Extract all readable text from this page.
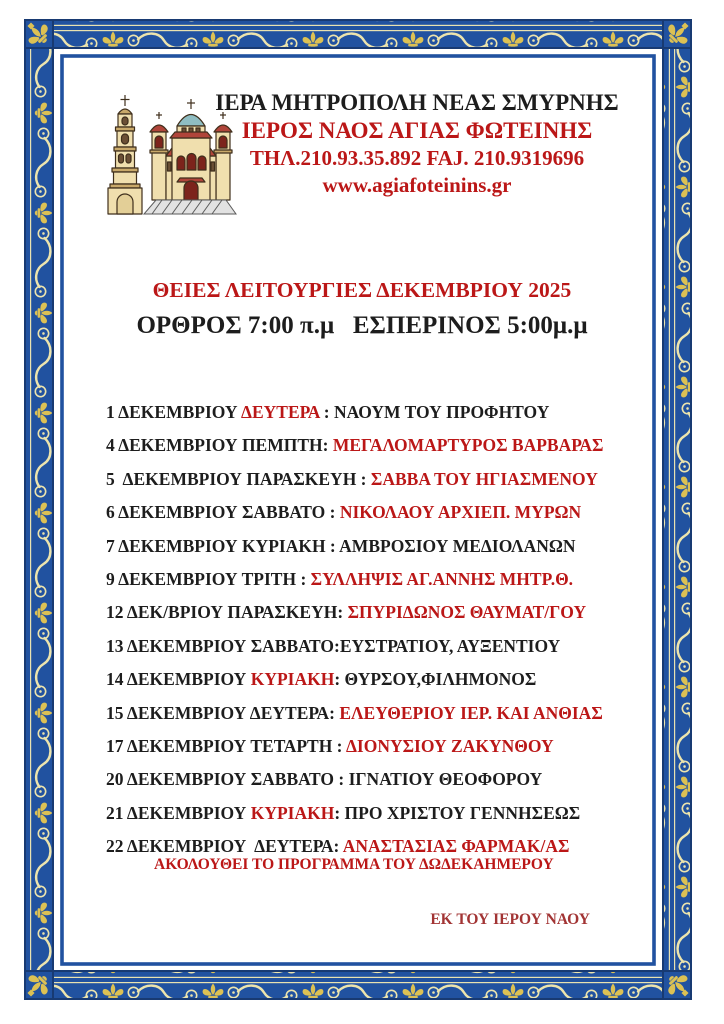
ΙΕΡΑ ΜΗΤΡΟΠΟΛΗ ΝΕΑΣ ΣΜΥΡΝΗΣ
ΙΕΡΟΣ ΝΑΟΣ ΑΓΙΑΣ ΦΩΤΕΙΝΗΣ
ΤΗΛ.210.93.35.892 FAJ. 210.9319696
www.agiafoteinins.gr
ΘΕΙΕΣ ΛΕΙΤΟΥΡΓΙΕΣ ΔΕΚΕΜΒΡΙΟΥ 2025
ΟΡΘΡΟΣ 7:00 π.μ   ΕΣΠΕΡΙΝΟΣ 5:00μ.μ
1 ΔΕΚΕΜΒΡΙΟΥ ΔΕΥΤΕΡΑ : ΝΑΟΥΜ ΤΟΥ ΠΡΟΦΗΤΟΥ
4 ΔΕΚΕΜΒΡΙΟΥ ΠΕΜΠΤΗ: ΜΕΓΑΛΟΜΑΡΤΥΡΟΣ ΒΑΡΒΑΡΑΣ
5  ΔΕΚΕΜΒΡΙΟΥ ΠΑΡΑΣΚΕΥΗ : ΣΑΒΒΑ ΤΟΥ ΗΓΙΑΣΜΕΝΟΥ
6 ΔΕΚΕΜΒΡΙΟΥ ΣΑΒΒΑΤΟ : ΝΙΚΟΛΑΟΥ ΑΡΧΙΕΠ. ΜΥΡΩΝ
7 ΔΕΚΕΜΒΡΙΟΥ ΚΥΡΙΑΚΗ : ΑΜΒΡΟΣΙΟΥ ΜΕΔΙΟΛΑΝΩΝ
9 ΔΕΚΕΜΒΡΙΟΥ ΤΡΙΤΗ : ΣΥΛΛΗΨΙΣ ΑΓ.ΑΝΝΗΣ ΜΗΤΡ.Θ.
12 ΔΕΚ/ΒΡΙΟΥ ΠΑΡΑΣΚΕΥΗ: ΣΠΥΡΙΔΩΝΟΣ ΘΑΥΜΑΤ/ΓΟΥ
13 ΔΕΚΕΜΒΡΙΟΥ ΣΑΒΒΑΤΟ:ΕΥΣΤΡΑΤΙΟΥ, ΑΥΞΕΝΤΙΟΥ
14 ΔΕΚΕΜΒΡΙΟΥ ΚΥΡΙΑΚΗ: ΘΥΡΣΟΥ,ΦΙΛΗΜΟΝΟΣ
15 ΔΕΚΕΜΒΡΙΟΥ ΔΕΥΤΕΡΑ: ΕΛΕΥΘΕΡΙΟΥ ΙΕΡ. ΚΑΙ ΑΝΘΙΑΣ
17 ΔΕΚΕΜΒΡΙΟΥ ΤΕΤΑΡΤΗ : ΔΙΟΝΥΣΙΟΥ ΖΑΚΥΝΘΟΥ
20 ΔΕΚΕΜΒΡΙΟΥ ΣΑΒΒΑΤΟ : ΙΓΝΑΤΙΟΥ ΘΕΟΦΟΡΟΥ
21 ΔΕΚΕΜΒΡΙΟΥ ΚΥΡΙΑΚΗ: ΠΡΟ ΧΡΙΣΤΟΥ ΓΕΝΝΗΣΕΩΣ
22 ΔΕΚΕΜΒΡΙΟΥ  ΔΕΥΤΕΡΑ: ΑΝΑΣΤΑΣΙΑΣ ΦΑΡΜΑΚ/ΑΣ
ΑΚΟΛΟΥΘΕΙ ΤΟ ΠΡΟΓΡΑΜΜΑ ΤΟΥ ΔΩΔΕΚΑΗΜΕΡΟΥ
ΕΚ ΤΟΥ ΙΕΡΟΥ ΝΑΟΥ
